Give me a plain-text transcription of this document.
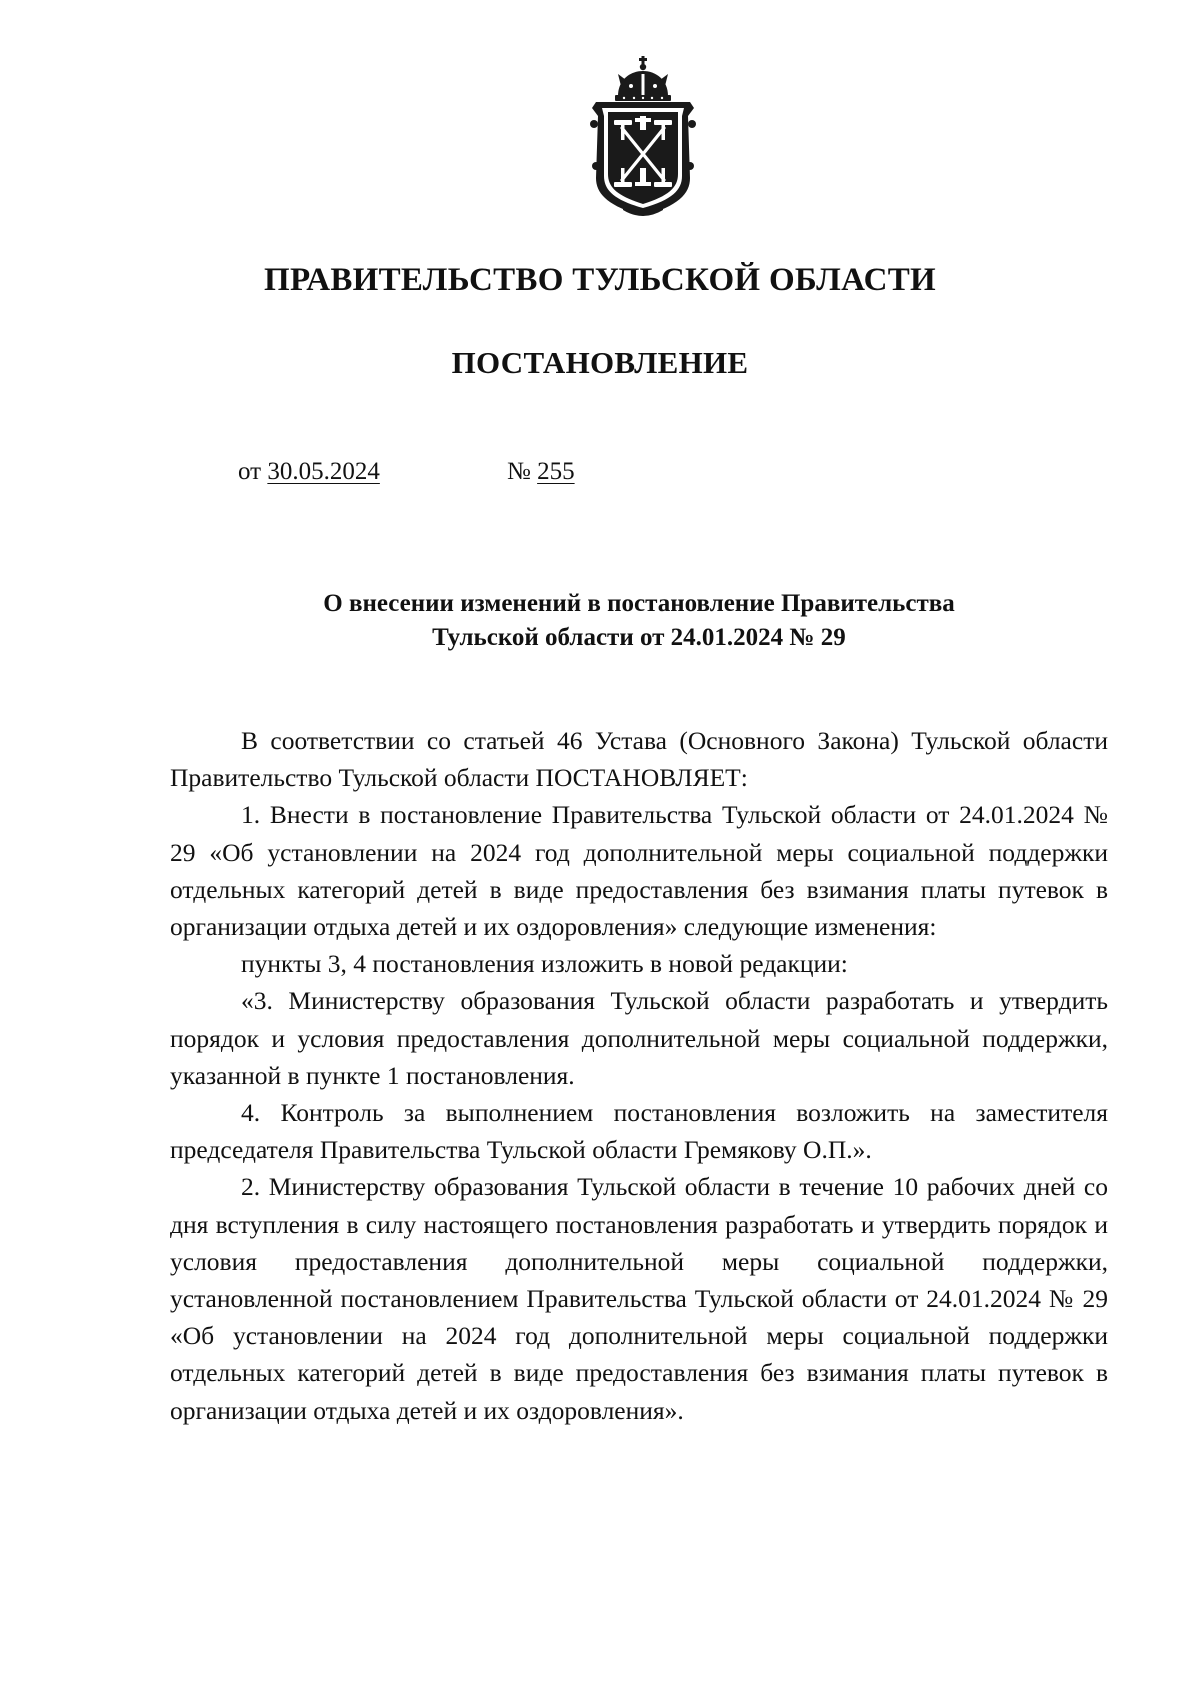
ПРАВИТЕЛЬСТВО ТУЛЬСКОЙ ОБЛАСТИ
ПОСТАНОВЛЕНИЕ
от 30.05.2024	№ 255
О внесении изменений в постановление Правительства
Тульской области от 24.01.2024 № 29

В соответствии со статьей 46 Устава (Основного Закона) Тульской области Правительство Тульской области ПОСТАНОВЛЯЕТ:

1. Внести в постановление Правительства Тульской области от 24.01.2024 № 29 «Об установлении на 2024 год дополнительной меры социальной поддержки отдельных категорий детей в виде предоставления без взимания платы путевок в организации отдыха детей и их оздоровления» следующие изменения:

пункты 3, 4 постановления изложить в новой редакции:

«3. Министерству образования Тульской области разработать и утвердить порядок и условия предоставления дополнительной меры социальной поддержки, указанной в пункте 1 постановления.

4. Контроль за выполнением постановления возложить на заместителя председателя Правительства Тульской области Гремякову О.П.».

2. Министерству образования Тульской области в течение 10 рабочих дней со дня вступления в силу настоящего постановления разработать и утвердить порядок и условия предоставления дополнительной меры социальной поддержки, установленной постановлением Правительства Тульской области от 24.01.2024 № 29 «Об установлении на 2024 год дополнительной меры социальной поддержки отдельных категорий детей в виде предоставления без взимания платы путевок в организации отдыха детей и их оздоровления».
